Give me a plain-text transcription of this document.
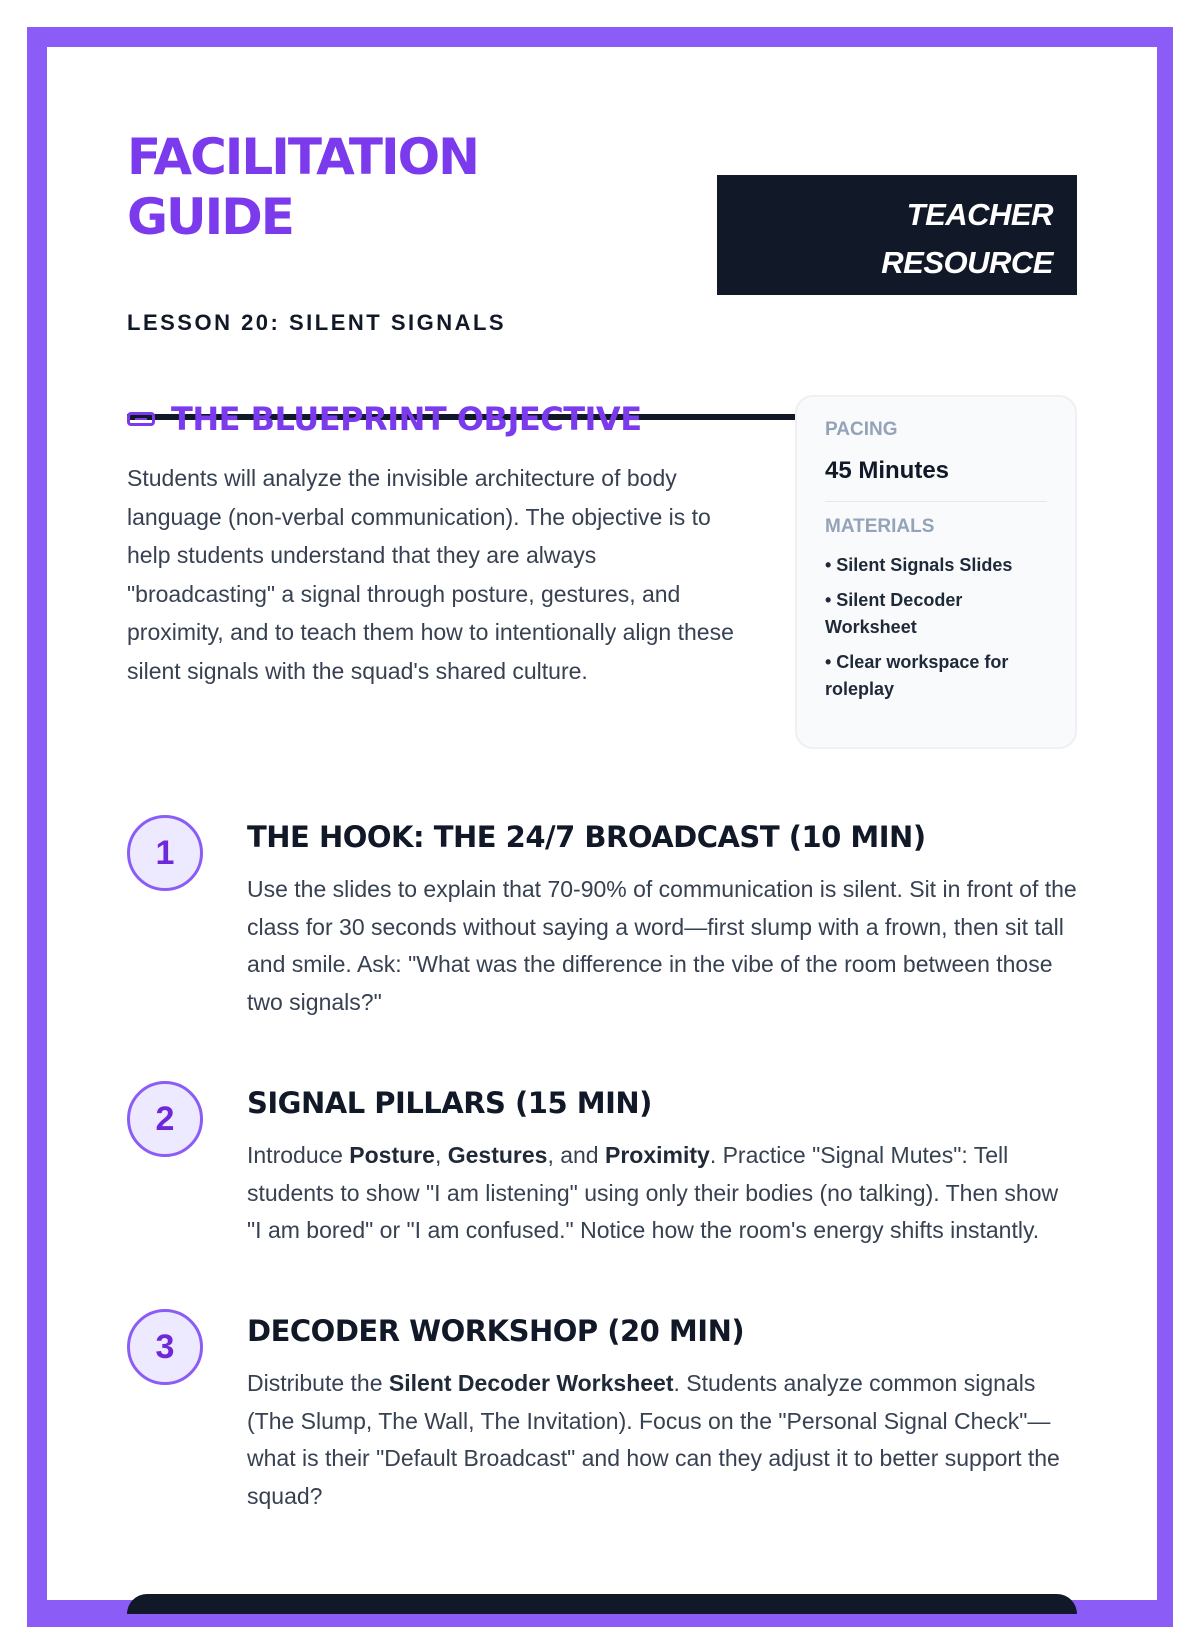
FACILITATION
GUIDE
LESSON 20: SILENT SIGNALS
TEACHER
RESOURCE
THE BLUEPRINT OBJECTIVE

Students will analyze the invisible architecture of body language (non-verbal communication). The objective is to help students understand that they are always "broadcasting" a signal through posture, gestures, and proximity, and to teach them how to intentionally align these silent signals with the squad's shared culture.

PACING
45 Minutes
MATERIALS
• Silent Signals Slides
• Silent Decoder Worksheet
• Clear workspace for roleplay
1	THE HOOK: THE 24/7 BROADCAST (10 MIN)

Use the slides to explain that 70-90% of communication is silent. Sit in front of the class for 30 seconds without saying a word—first slump with a frown, then sit tall and smile. Ask: "What was the difference in the vibe of the room between those two signals?"

2	SIGNAL PILLARS (15 MIN)

Introduce Posture, Gestures, and Proximity. Practice "Signal Mutes": Tell students to show "I am listening" using only their bodies (no talking). Then show "I am bored" or "I am confused." Notice how the room's energy shifts instantly.

3	DECODER WORKSHOP (20 MIN)

Distribute the Silent Decoder Worksheet. Students analyze common signals (The Slump, The Wall, The Invitation). Focus on the "Personal Signal Check"—what is their "Default Broadcast" and how can they adjust it to better support the squad?
